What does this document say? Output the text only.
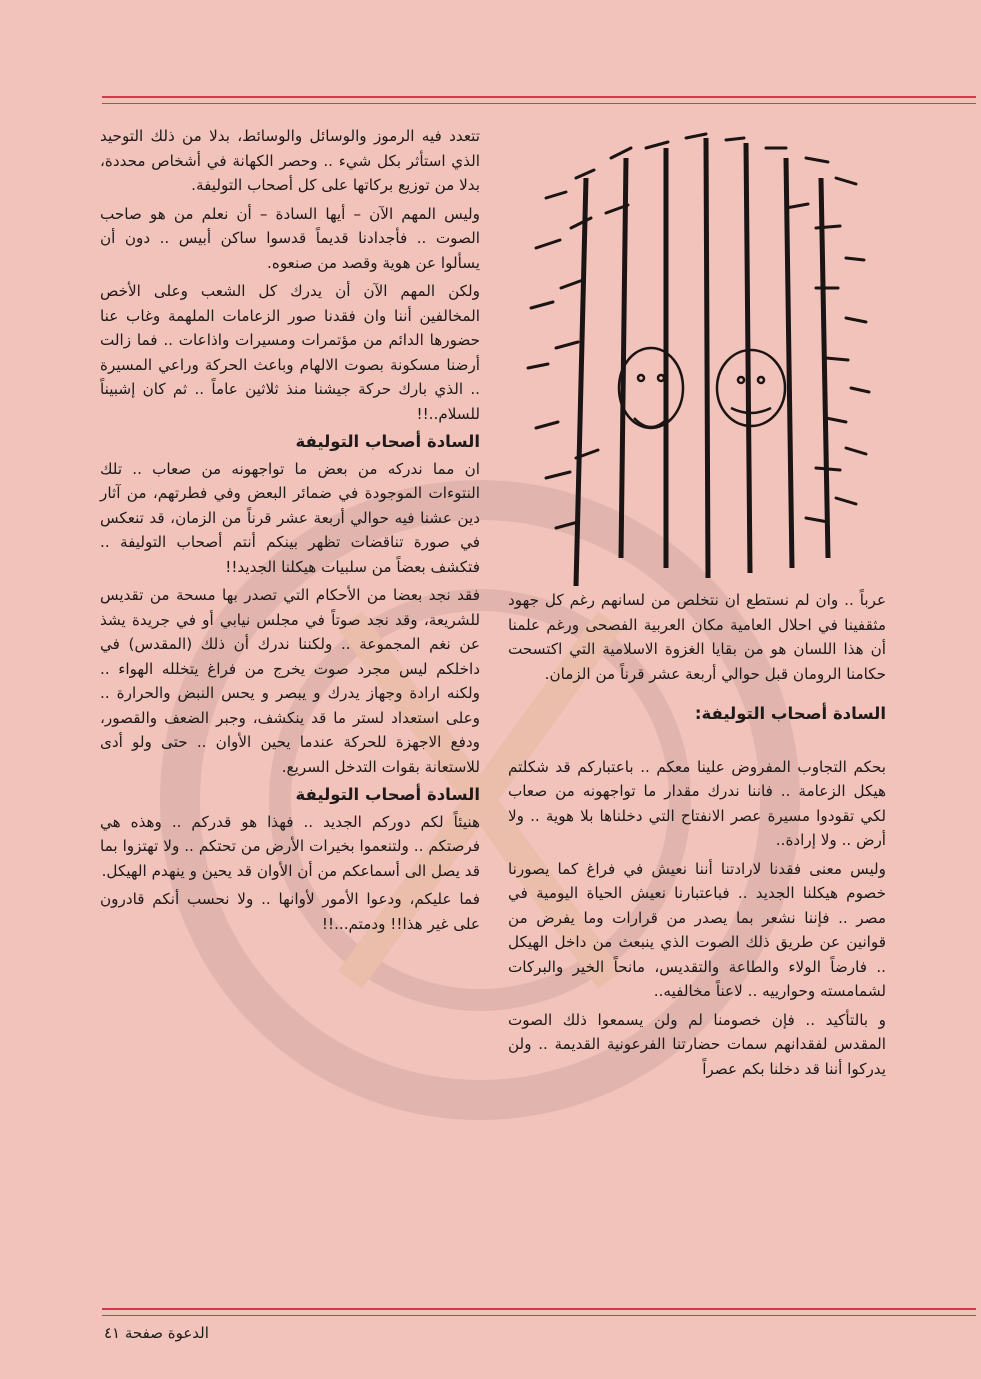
تتعدد فيه الرموز والوسائل والوسائط، بدلا من ذلك التوحيد الذي استأثر بكل شيء .. وحصر الكهانة في أشخاص محددة، بدلا من توزيع بركاتها على كل أصحاب التوليفة.

وليس المهم الآن – أيها السادة – أن نعلم من هو صاحب الصوت .. فأجدادنا قديماً قدسوا ساكن أبيس .. دون أن يسألوا عن هوية وقصد من صنعوه.

ولكن المهم الآن أن يدرك كل الشعب وعلى الأخص المخالفين أننا وان فقدنا صور الزعامات الملهمة وغاب عنا حضورها الدائم من مؤتمرات ومسيرات واذاعات .. فما زالت أرضنا مسكونة بصوت الالهام وباعث الحركة وراعي المسيرة .. الذي بارك حركة جيشنا منذ ثلاثين عاماً .. ثم كان إشبيناً للسلام..!!

السادة أصحاب التوليفة

ان مما ندركه من بعض ما تواجهونه من صعاب .. تلك النتوءات الموجودة في ضمائر البعض وفي فطرتهم، من آثار دين عشنا فيه حوالي أربعة عشر قرناً من الزمان، قد تنعكس في صورة تناقضات تظهر بينكم أنتم أصحاب التوليفة .. فتكشف بعضاً من سلبيات هيكلنا الجديد!!

فقد نجد بعضا من الأحكام التي تصدر بها مسحة من تقديس للشريعة، وقد نجد صوتاً في مجلس نيابي أو في جريدة يشذ عن نغم المجموعة .. ولكننا ندرك أن ذلك (المقدس) في داخلكم ليس مجرد صوت يخرج من فراغ يتخلله الهواء .. ولكنه ارادة وجهاز يدرك و يبصر و يحس النبض والحرارة .. وعلى استعداد لستر ما قد ينكشف، وجبر الضعف والقصور، ودفع الاجهزة للحركة عندما يحين الأوان .. حتى ولو أدى للاستعانة بقوات التدخل السريع.

السادة أصحاب التوليفة

هنيئاً لكم دوركم الجديد .. فهذا هو قدركم .. وهذه هي فرصتكم .. ولتنعموا بخيرات الأرض من تحتكم .. ولا تهتزوا بما قد يصل الى أسماعكم من أن الأوان قد يحين و ينهدم الهيكل.

فما عليكم، ودعوا الأمور لأوانها .. ولا نحسب أنكم قادرون على غير هذا!! ودمتم...!!

عرباً .. وان لم نستطع ان نتخلص من لسانهم رغم كل جهود مثقفينا في احلال العامية مكان العربية الفصحى ورغم علمنا أن هذا اللسان هو من بقايا الغزوة الاسلامية التي اكتسحت حكامنا الرومان قبل حوالي أربعة عشر قرناً من الزمان.

السادة أصحاب التوليفة:

بحكم التجاوب المفروض علينا معكم .. باعتباركم قد شكلتم هيكل الزعامة .. فاننا ندرك مقدار ما تواجهونه من صعاب لكي تقودوا مسيرة عصر الانفتاح التي دخلناها بلا هوية .. ولا أرض .. ولا إرادة..

وليس معنى فقدنا لارادتنا أننا نعيش في فراغ كما يصورنا خصوم هيكلنا الجديد .. فباعتبارنا نعيش الحياة اليومية في مصر .. فإننا نشعر بما يصدر من قرارات وما يفرض من قوانين عن طريق ذلك الصوت الذي ينبعث من داخل الهيكل .. فارضاً الولاء والطاعة والتقديس، مانحاً الخير والبركات لشمامسته وحوارييه .. لاعناً مخالفيه..

و بالتأكيد .. فإن خصومنا لم ولن يسمعوا ذلك الصوت المقدس لفقدانهم سمات حضارتنا الفرعونية القديمة .. ولن يدركوا أننا قد دخلنا بكم عصراً

الدعوة صفحة ٤١
